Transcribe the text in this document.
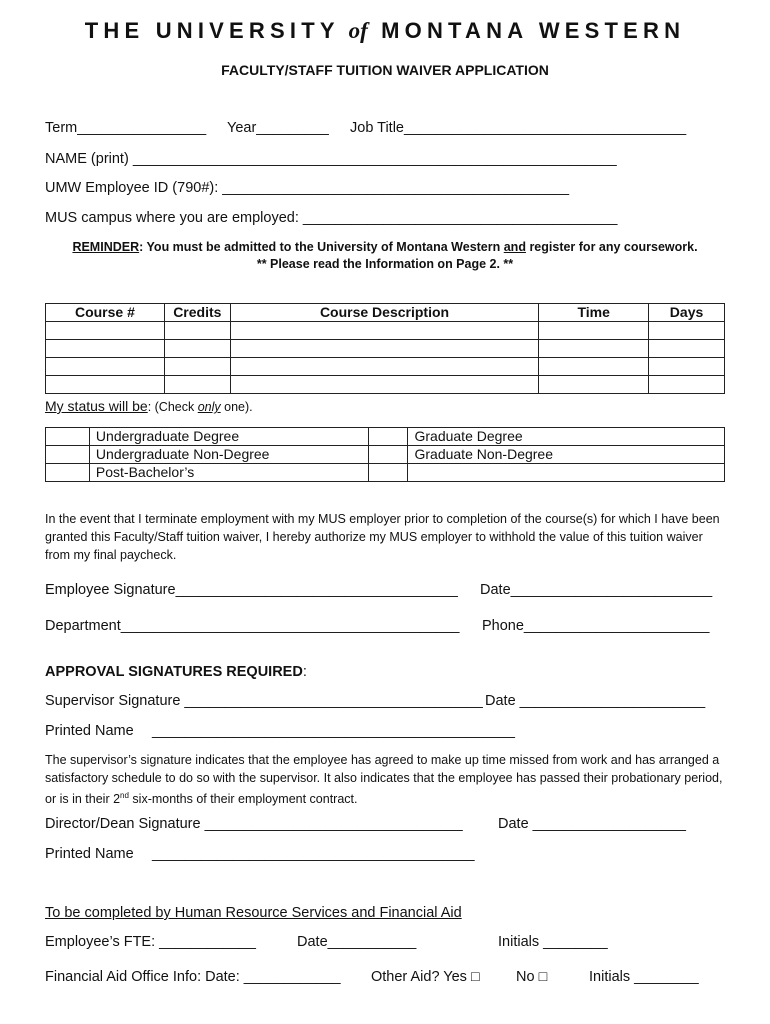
THE UNIVERSITY of MONTANA WESTERN
FACULTY/STAFF TUITION WAIVER APPLICATION
Term________________ Year_________ Job Title___________________________________
NAME (print) ____________________________________________________________
UMW Employee ID (790#): ___________________________________________
MUS campus where you are employed: _______________________________________
REMINDER: You must be admitted to the University of Montana Western and register for any coursework.
** Please read the Information on Page 2. **
Course #	Credits	Course Description	Time	Days

My status will be: (Check only one).
	Undergraduate Degree		Graduate Degree
	Undergraduate Non-Degree		Graduate Non-Degree
	Post-Bachelor’s		
In the event that I terminate employment with my MUS employer prior to completion of the course(s) for which I have been granted this Faculty/Staff tuition waiver, I hereby authorize my MUS employer to withhold the value of this tuition waiver from my final paycheck.
Employee Signature___________________________________ Date_________________________
Department__________________________________________ Phone_______________________
APPROVAL SIGNATURES REQUIRED:
Supervisor Signature _____________________________________ Date _______________________
Printed Name _____________________________________________
The supervisor’s signature indicates that the employee has agreed to make up time missed from work and has arranged a satisfactory schedule to do so with the supervisor. It also indicates that the employee has passed their probationary period, or is in their 2nd six-months of their employment contract.
Director/Dean Signature ________________________________ Date ___________________
Printed Name ________________________________________
To be completed by Human Resource Services and Financial Aid
Employee’s FTE: ____________	Date___________	Initials ________
Financial Aid Office Info: Date: ____________ Other Aid? Yes □	No □	Initials ________
